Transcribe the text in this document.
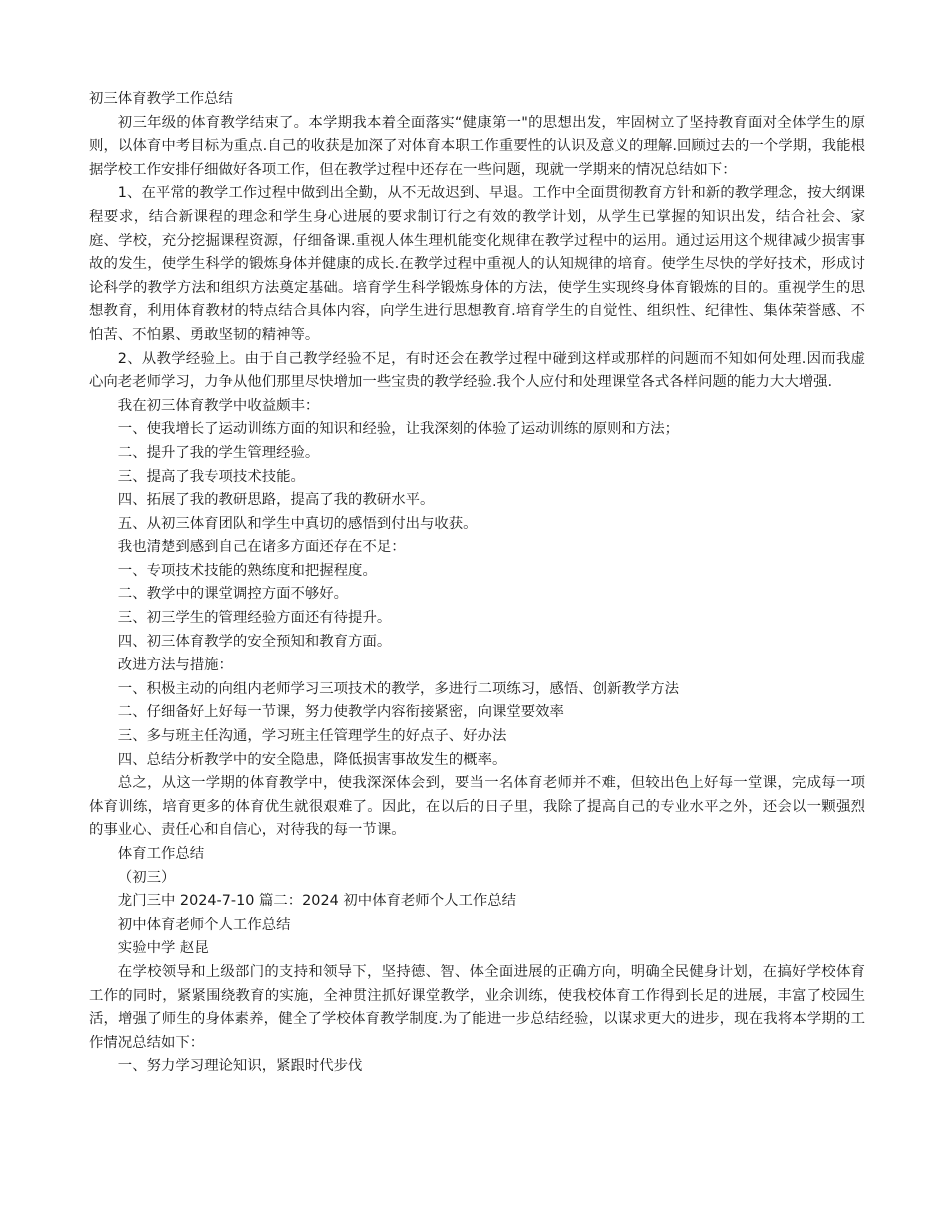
初三体育教学工作总结

初三年级的体育教学结束了。本学期我本着全面落实“健康第一"的思想出发，牢固树立了坚持教育面对全体学生的原则，以体育中考目标为重点.自己的收获是加深了对体育本职工作重要性的认识及意义的理解.回顾过去的一个学期，我能根据学校工作安排仔细做好各项工作，但在教学过程中还存在一些问题，现就一学期来的情况总结如下：

1、在平常的教学工作过程中做到出全勤，从不无故迟到、早退。工作中全面贯彻教育方针和新的教学理念，按大纲课程要求，结合新课程的理念和学生身心进展的要求制订行之有效的教学计划，从学生已掌握的知识出发，结合社会、家庭、学校，充分挖掘课程资源，仔细备课.重视人体生理机能变化规律在教学过程中的运用。通过运用这个规律减少损害事故的发生，使学生科学的锻炼身体并健康的成长.在教学过程中重视人的认知规律的培育。使学生尽快的学好技术，形成讨论科学的教学方法和组织方法奠定基础。培育学生科学锻炼身体的方法，使学生实现终身体育锻炼的目的。重视学生的思想教育，利用体育教材的特点结合具体内容，向学生进行思想教育.培育学生的自觉性、组织性、纪律性、集体荣誉感、不怕苦、不怕累、勇敢坚韧的精神等。

2、从教学经验上。由于自己教学经验不足，有时还会在教学过程中碰到这样或那样的问题而不知如何处理.因而我虚心向老老师学习，力争从他们那里尽快增加一些宝贵的教学经验.我个人应付和处理课堂各式各样问题的能力大大增强.

我在初三体育教学中收益颇丰：

一、使我增长了运动训练方面的知识和经验，让我深刻的体验了运动训练的原则和方法；

二、提升了我的学生管理经验。

三、提高了我专项技术技能。

四、拓展了我的教研思路，提高了我的教研水平。

五、从初三体育团队和学生中真切的感悟到付出与收获。

我也清楚到感到自己在诸多方面还存在不足：

一、专项技术技能的熟练度和把握程度。

二、教学中的课堂调控方面不够好。

三、初三学生的管理经验方面还有待提升。

四、初三体育教学的安全预知和教育方面。

改进方法与措施：

一、积极主动的向组内老师学习三项技术的教学，多进行二项练习，感悟、创新教学方法

二、仔细备好上好每一节课，努力使教学内容衔接紧密，向课堂要效率

三、多与班主任沟通，学习班主任管理学生的好点子、好办法

四、总结分析教学中的安全隐患，降低损害事故发生的概率。

总之，从这一学期的体育教学中，使我深深体会到，要当一名体育老师并不难，但较出色上好每一堂课，完成每一项体育训练，培育更多的体育优生就很艰难了。因此，在以后的日子里，我除了提高自己的专业水平之外，还会以一颗强烈的事业心、责任心和自信心，对待我的每一节课。

体育工作总结

（初三）

龙门三中 2024-7-10 篇二：2024 初中体育老师个人工作总结

初中体育老师个人工作总结

实验中学 赵昆

在学校领导和上级部门的支持和领导下，坚持德、智、体全面进展的正确方向，明确全民健身计划，在搞好学校体育工作的同时，紧紧围绕教育的实施，全神贯注抓好课堂教学，业余训练，使我校体育工作得到长足的进展，丰富了校园生活，增强了师生的身体素养，健全了学校体育教学制度.为了能进一步总结经验，以谋求更大的进步，现在我将本学期的工作情况总结如下：

一、努力学习理论知识，紧跟时代步伐
